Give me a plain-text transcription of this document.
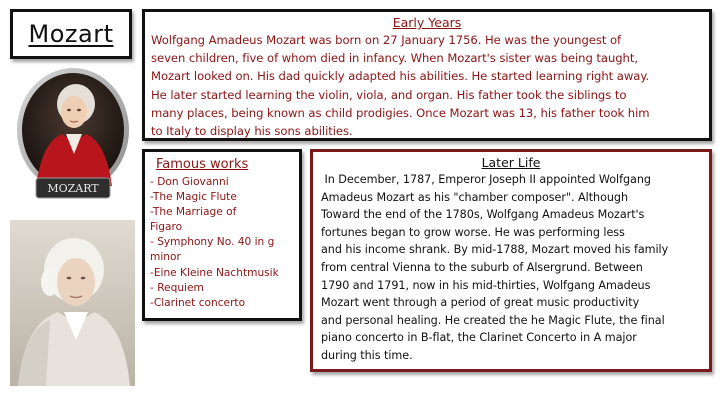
Mozart	Early Years
Wolfgang Amadeus Mozart was born on 27 January 1756. He was the youngest of
seven children, five of whom died in infancy. When Mozart's sister was being taught,
Mozart looked on. His dad quickly adapted his abilities. He started learning right away.
He later started learning the violin, viola, and organ. His father took the siblings to
many places, being known as child prodigies. Once Mozart was 13, his father took him
to Italy to display his sons abilities.
MOZART
Famous works
- Don Giovanni
-The Magic Flute
-The Marriage of
Figaro
- Symphony No. 40 in g
minor
-Eine Kleine Nachtmusik
- Requiem
-Clarinet concerto
Later Life
In December, 1787, Emperor Joseph II appointed Wolfgang
Amadeus Mozart as his "chamber composer". Although
Toward the end of the 1780s, Wolfgang Amadeus Mozart's
fortunes began to grow worse. He was performing less
and his income shrank. By mid-1788, Mozart moved his family
from central Vienna to the suburb of Alsergrund. Between
1790 and 1791, now in his mid-thirties, Wolfgang Amadeus
Mozart went through a period of great music productivity
and personal healing. He created the he Magic Flute, the final
piano concerto in B-flat, the Clarinet Concerto in A major
during this time.
